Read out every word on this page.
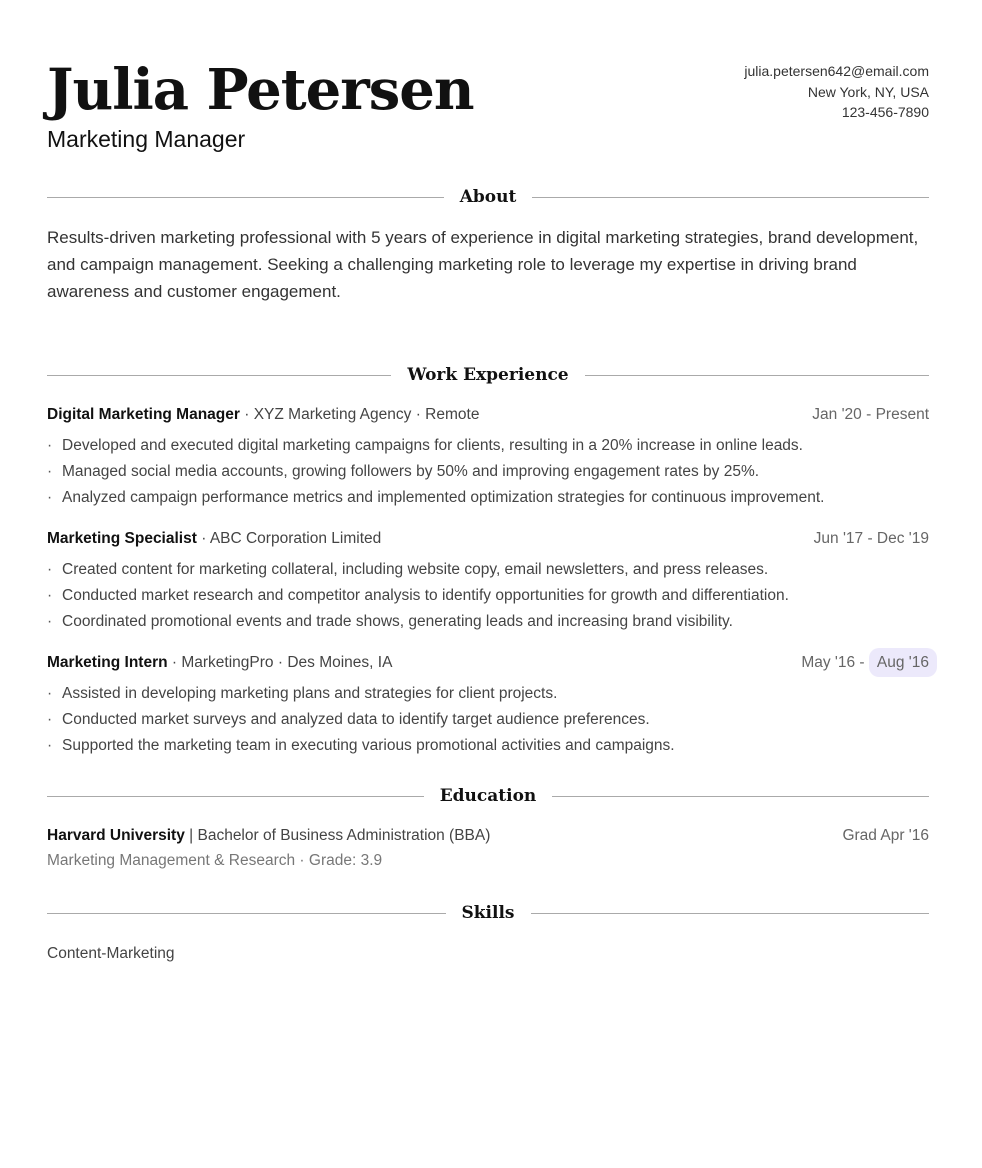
Julia Petersen
Marketing Manager
julia.petersen642@email.com
New York, NY, USA
123-456-7890
About

Results-driven marketing professional with 5 years of experience in digital marketing strategies, brand development, and campaign management. Seeking a challenging marketing role to leverage my expertise in driving brand awareness and customer engagement.

Work Experience
Digital Marketing Manager · XYZ Marketing Agency · Remote	Jan '20 - Present
· Developed and executed digital marketing campaigns for clients, resulting in a 20% increase in online leads.
· Managed social media accounts, growing followers by 50% and improving engagement rates by 25%.
· Analyzed campaign performance metrics and implemented optimization strategies for continuous improvement.
Marketing Specialist · ABC Corporation Limited	Jun '17 - Dec '19
· Created content for marketing collateral, including website copy, email newsletters, and press releases.
· Conducted market research and competitor analysis to identify opportunities for growth and differentiation.
· Coordinated promotional events and trade shows, generating leads and increasing brand visibility.
Marketing Intern · MarketingPro · Des Moines, IA	May '16 - Aug '16
· Assisted in developing marketing plans and strategies for client projects.
· Conducted market surveys and analyzed data to identify target audience preferences.
· Supported the marketing team in executing various promotional activities and campaigns.
Education
Harvard University | Bachelor of Business Administration (BBA)	Grad Apr '16
Marketing Management & Research · Grade: 3.9
Skills
Content-Marketing
